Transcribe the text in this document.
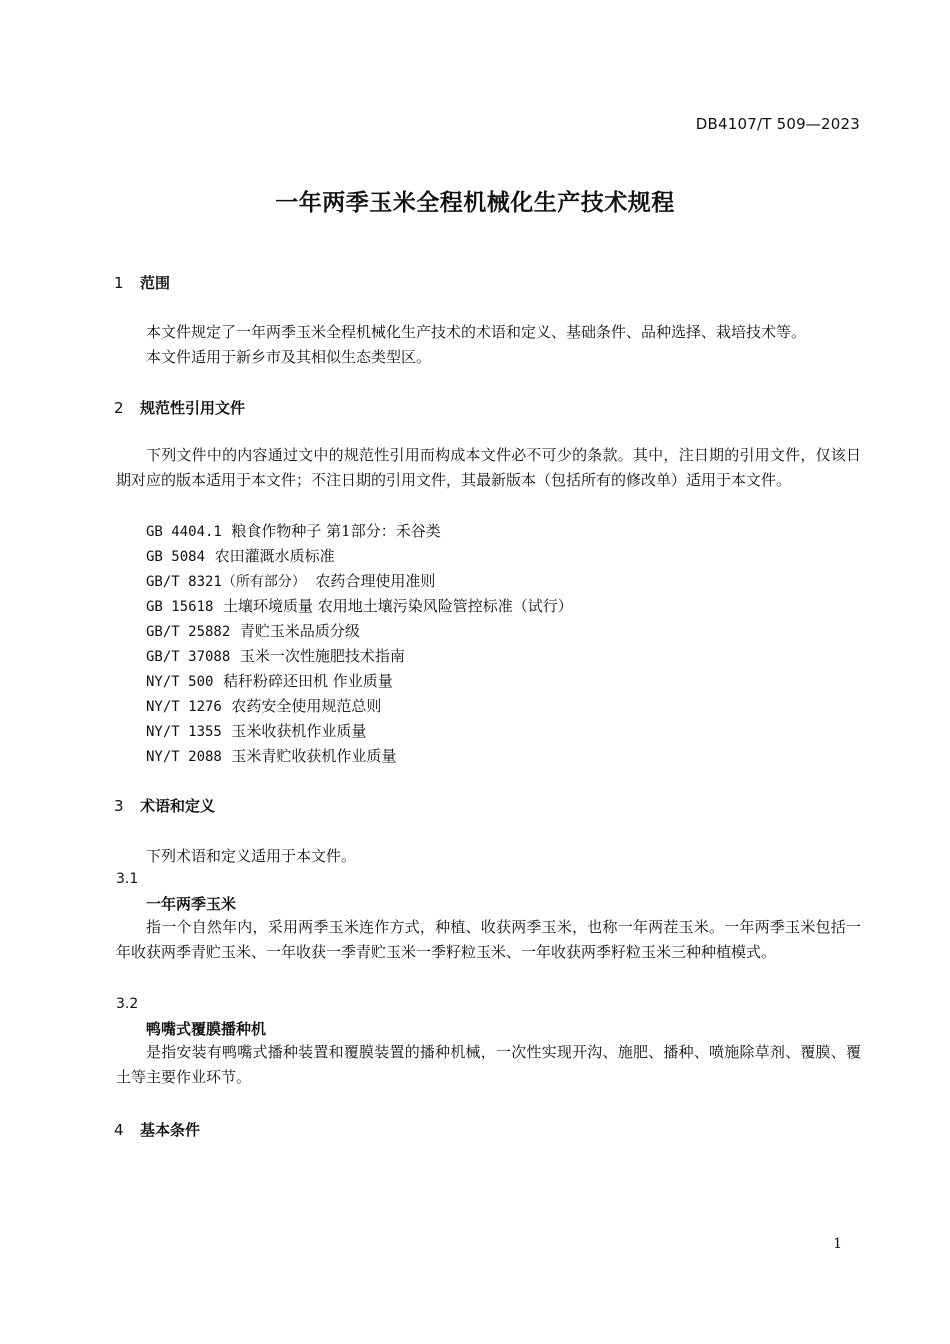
DB4107/T 509—2023
一年两季玉米全程机械化生产技术规程
1 范围
本文件规定了一年两季玉米全程机械化生产技术的术语和定义、基础条件、品种选择、栽培技术等。
本文件适用于新乡市及其相似生态类型区。
2 规范性引用文件
下列文件中的内容通过文中的规范性引用而构成本文件必不可少的条款。其中，注日期的引用文件，仅该日期对应的版本适用于本文件；不注日期的引用文件，其最新版本（包括所有的修改单）适用于本文件。
GB 4404.1 粮食作物种子 第1部分：禾谷类
GB 5084 农田灌溉水质标准
GB/T 8321（所有部分） 农药合理使用准则
GB 15618 土壤环境质量 农用地土壤污染风险管控标准（试行）
GB/T 25882 青贮玉米品质分级
GB/T 37088 玉米一次性施肥技术指南
NY/T 500 秸秆粉碎还田机 作业质量
NY/T 1276 农药安全使用规范总则
NY/T 1355 玉米收获机作业质量
NY/T 2088 玉米青贮收获机作业质量
3 术语和定义
下列术语和定义适用于本文件。
3.1
一年两季玉米
指一个自然年内，采用两季玉米连作方式，种植、收获两季玉米，也称一年两茬玉米。一年两季玉米包括一年收获两季青贮玉米、一年收获一季青贮玉米一季籽粒玉米、一年收获两季籽粒玉米三种种植模式。
3.2
鸭嘴式覆膜播种机
是指安装有鸭嘴式播种装置和覆膜装置的播种机械，一次性实现开沟、施肥、播种、喷施除草剂、覆膜、覆土等主要作业环节。
4 基本条件
1
